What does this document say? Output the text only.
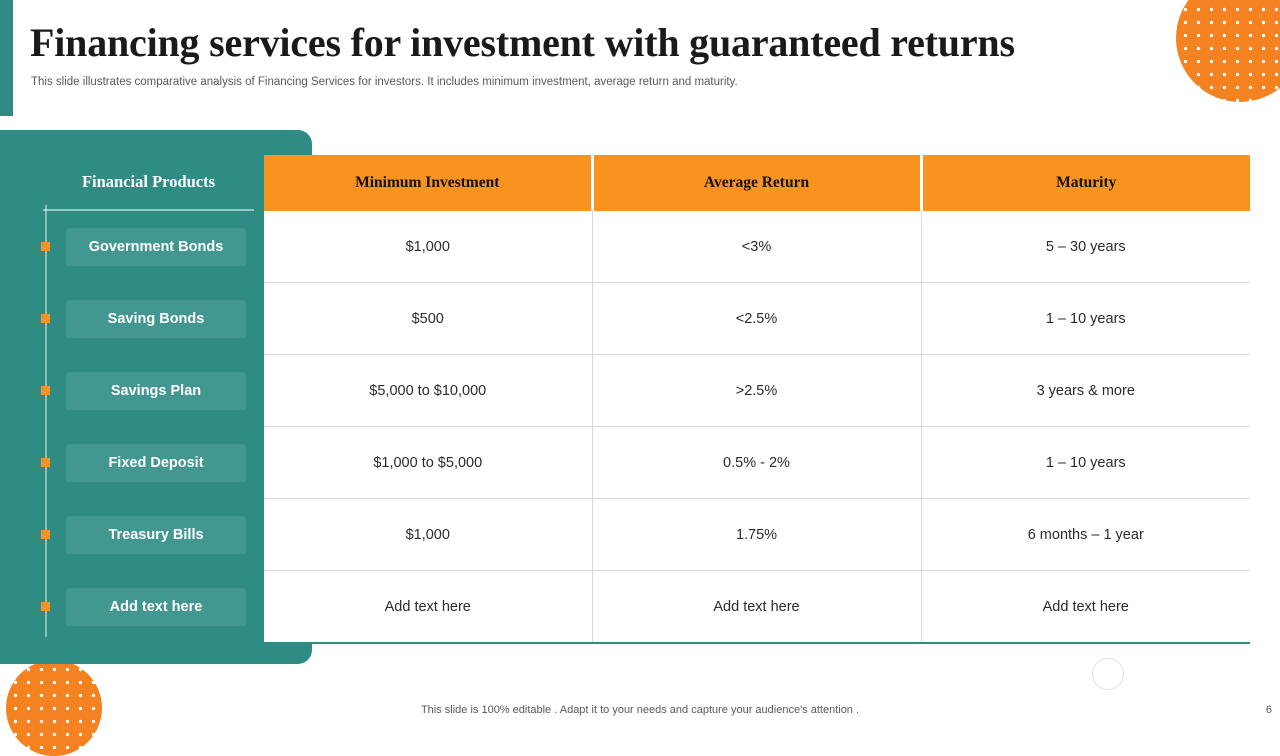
Financing services for investment with guaranteed returns

This slide illustrates comparative analysis of Financing Services for investors. It includes minimum investment, average return and maturity.

Financial Products	Minimum Investment	Average Return	Maturity

Government Bonds	$1,000	<3%	5 – 30 years

Saving Bonds	$500	<2.5%	1 – 10 years

Savings Plan	$5,000 to $10,000	>2.5%	3 years & more

Fixed Deposit	$1,000 to $5,000	0.5% - 2%	1 – 10 years

Treasury Bills	$1,000	1.75%	6 months – 1 year

Add text here	Add text here	Add text here	Add text here
This slide is 100% editable . Adapt it to your needs and capture your audience's attention .	6
